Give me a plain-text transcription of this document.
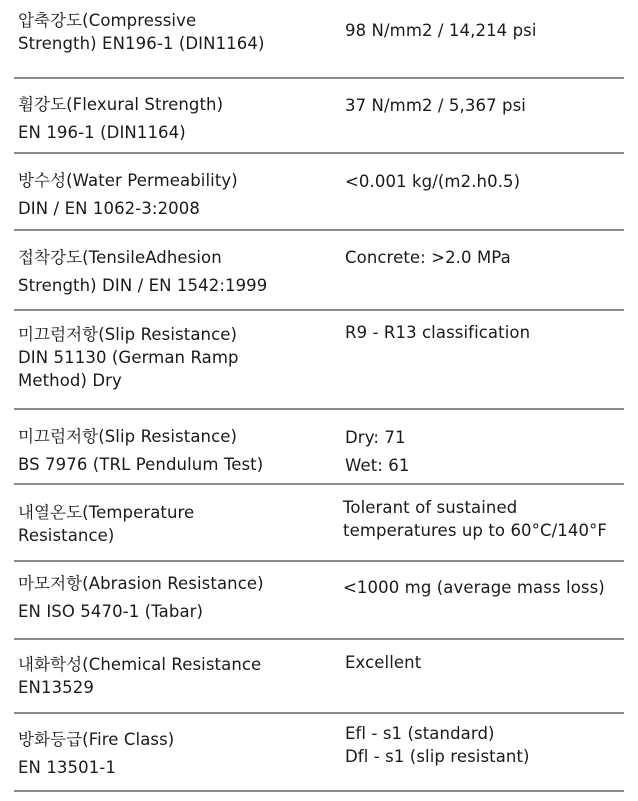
압축강도(Compressive
Strength) EN196-1 (DIN1164)
98 N/mm2 / 14,214 psi
휨강도(Flexural Strength)
EN 196-1 (DIN1164)
37 N/mm2 / 5,367 psi
방수성(Water Permeability)
DIN / EN 1062-3:2008
<0.001 kg/(m2.h0.5)
접착강도(TensileAdhesion
Strength) DIN / EN 1542:1999
Concrete: >2.0 MPa
미끄럼저항(Slip Resistance)
DIN 51130 (German Ramp
Method) Dry
R9 - R13 classification
미끄럼저항(Slip Resistance)
BS 7976 (TRL Pendulum Test)
Dry: 71
Wet: 61
내열온도(Temperature
Resistance)
Tolerant of sustained
temperatures up to 60°C/140°F
마모저항(Abrasion Resistance)
EN ISO 5470-1 (Tabar)
<1000 mg (average mass loss)
내화학성(Chemical Resistance
EN13529
Excellent
방화등급(Fire Class)
EN 13501-1
Efl - s1 (standard)
Dfl - s1 (slip resistant)
